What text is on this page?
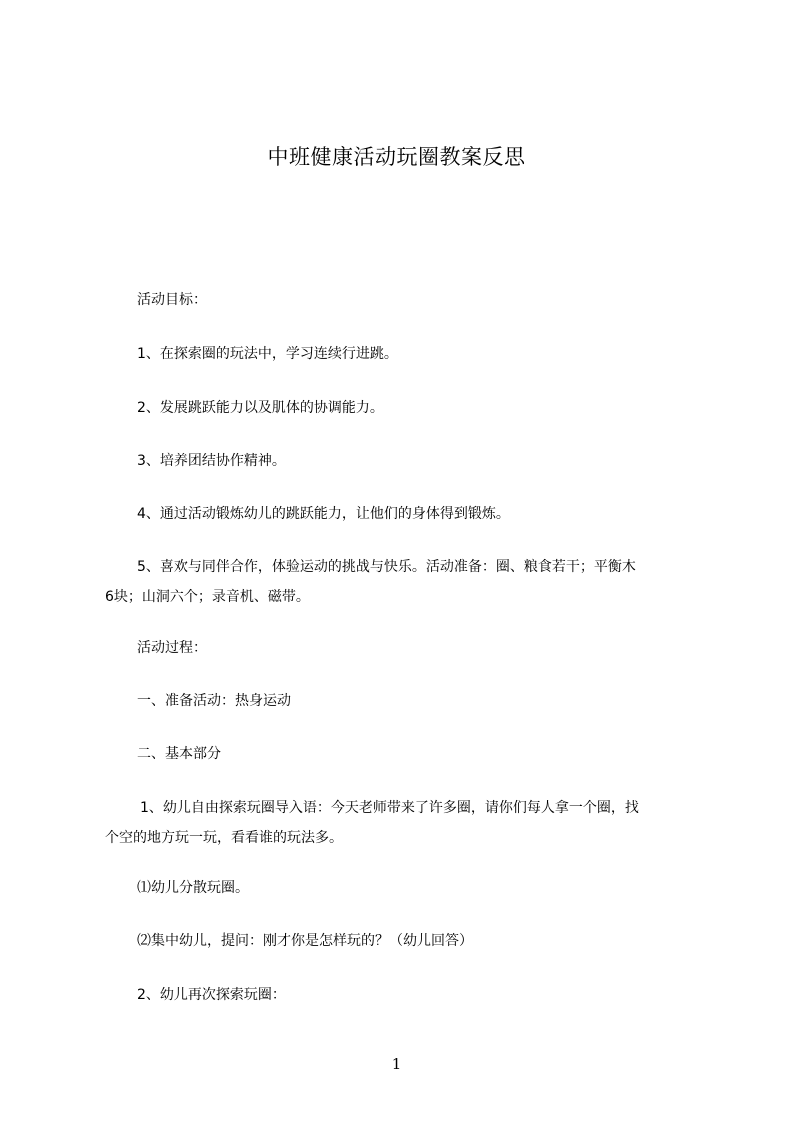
中班健康活动玩圈教案反思
活动目标：
1、在探索圈的玩法中，学习连续行进跳。
2、发展跳跃能力以及肌体的协调能力。
3、培养团结协作精神。
4、通过活动锻炼幼儿的跳跃能力，让他们的身体得到锻炼。
5、喜欢与同伴合作，体验运动的挑战与快乐。活动准备：圈、粮食若干；平衡木
6块；山洞六个；录音机、磁带。
活动过程：
一、准备活动：热身运动
二、基本部分
1、幼儿自由探索玩圈导入语：今天老师带来了许多圈，请你们每人拿一个圈，找
个空的地方玩一玩，看看谁的玩法多。
⑴幼儿分散玩圈。
⑵集中幼儿，提问：刚才你是怎样玩的？（幼儿回答）
2、幼儿再次探索玩圈：
1
